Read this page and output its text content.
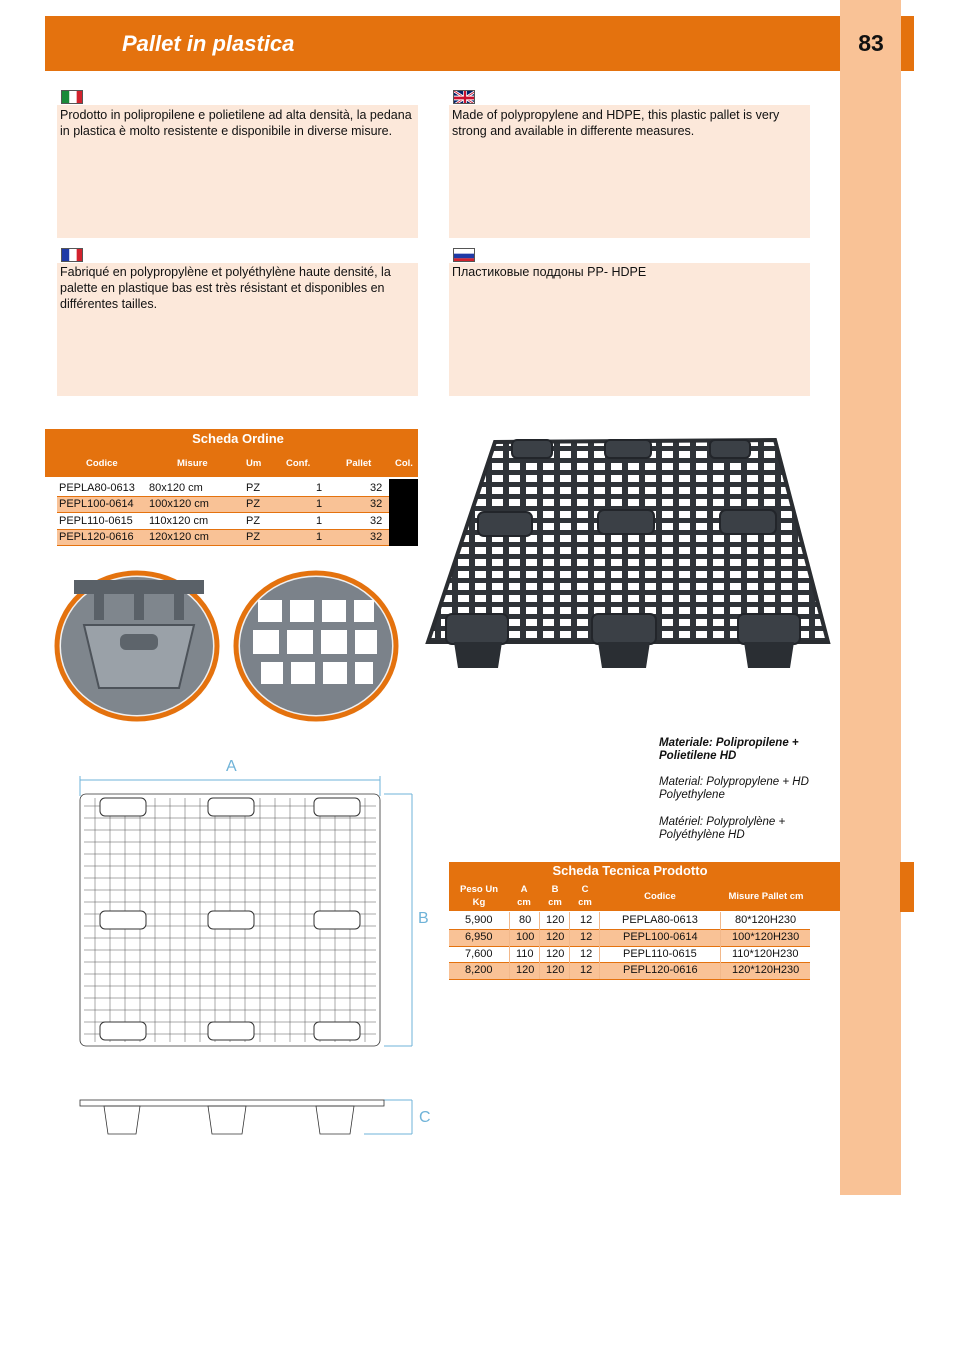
Pallet in plastica	83
Prodotto in polipropilene e polietilene ad alta densità, la pedana in plastica è molto resistente e disponibile in diverse misure.
Made of polypropylene and HDPE, this plastic pallet is very strong and available in differente measures.
Fabriqué en polypropylène et polyéthylène haute densité, la palette en plastique bas est très résistant et disponibles en différentes tailles.
Пластиковые поддоны PP- HDPE
Scheda Ordine
Codice	Misure	Um	Conf.	Pallet Col.
PEPLA80-0613 80x120 cm	PZ	1	32
PEPL100-0614 100x120 cm	PZ	1	32
PEPL110-0615 110x120 cm	PZ	1	32
PEPL120-0616 120x120 cm	PZ	1	32
Materiale: Polipropilene + Polietilene HD
Material: Polypropylene + HD Polyethylene
Matériel: Polyprolylène + Polyéthylène HD
A
B
C
Scheda Tecnica Prodotto
Peso Un Kg
A cm
B cm
C cm
Codice	Misure Pallet cm
5,900 80 120 12	PEPLA80-0613	80*120H230
6,950 100 120 12	PEPL100-0614	100*120H230
7,600 110 120 12	PEPL110-0615	110*120H230
8,200 120 120 12	PEPL120-0616	120*120H230
